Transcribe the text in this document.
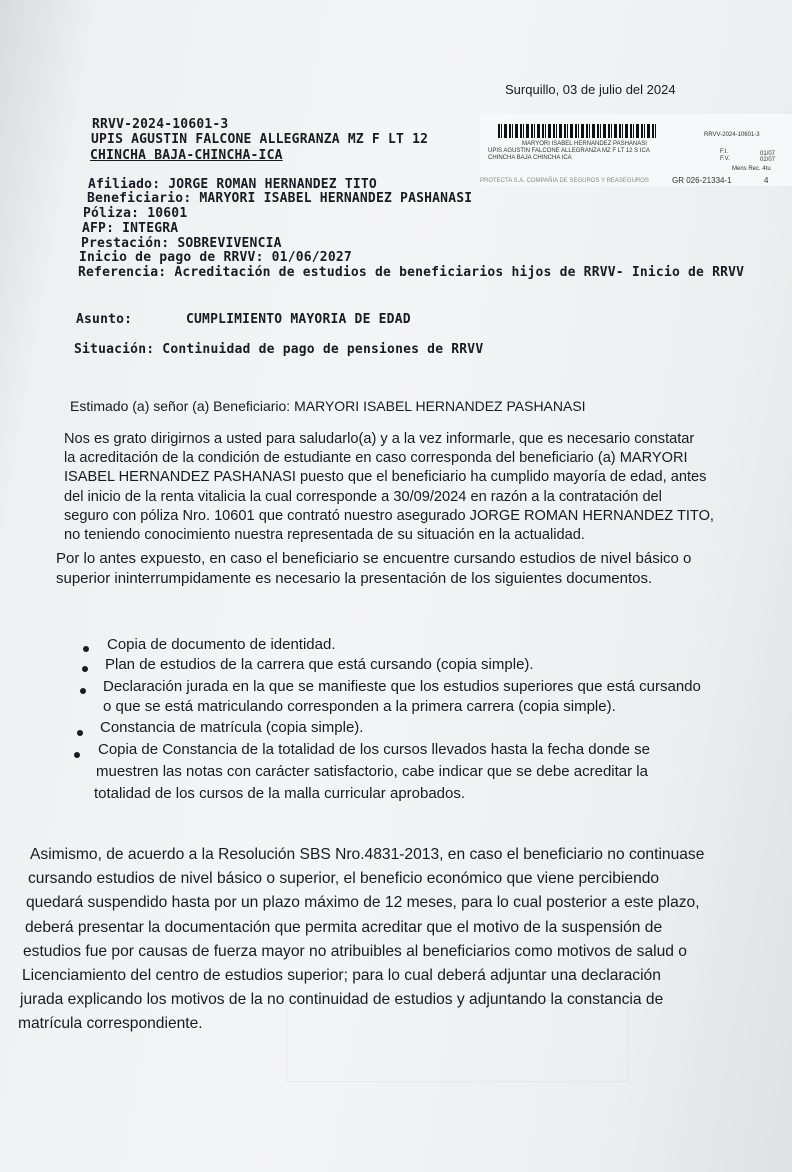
Surquillo, 03 de julio del 2024
RRVV-2024-10601-3
UPIS AGUSTIN FALCONE ALLEGRANZA MZ F LT 12
CHINCHA BAJA-CHINCHA-ICA
MARYORI ISABEL HERNANDEZ PASHANASI
UPIS AGUSTIN FALCONE ALLEGRANZA MZ F LT 12 S ICA
CHINCHA BAJA CHINCHA ICA
RRVV-2024-10601-3
F.I.	01/07
F.V.	02/07
Mens Rec. 4tu
PROTECTA S.A. COMPAÑIA DE SEGUROS Y REASEGUROS	GR 026-21334-1	4
Afiliado: JORGE ROMAN HERNANDEZ TITO
Beneficiario: MARYORI ISABEL HERNANDEZ PASHANASI
Póliza: 10601
AFP: INTEGRA
Prestación: SOBREVIVENCIA
Inicio de pago de RRVV: 01/06/2027
Referencia: Acreditación de estudios de beneficiarios hijos de RRVV- Inicio de RRVV
Asunto:	CUMPLIMIENTO MAYORIA DE EDAD
Situación: Continuidad de pago de pensiones de RRVV
Estimado (a) señor (a) Beneficiario: MARYORI ISABEL HERNANDEZ PASHANASI
Nos es grato dirigirnos a usted para saludarlo(a) y a la vez informarle, que es necesario constatar
la acreditación de la condición de estudiante en caso corresponda del beneficiario (a) MARYORI
ISABEL HERNANDEZ PASHANASI puesto que el beneficiario ha cumplido mayoría de edad, antes
del inicio de la renta vitalicia la cual corresponde a 30/09/2024 en razón a la contratación del
seguro con póliza Nro. 10601 que contrató nuestro asegurado JORGE ROMAN HERNANDEZ TITO,
no teniendo conocimiento nuestra representada de su situación en la actualidad.
Por lo antes expuesto, en caso el beneficiario se encuentre cursando estudios de nivel básico o
superior ininterrumpidamente es necesario la presentación de los siguientes documentos.
Copia de documento de identidad.
Plan de estudios de la carrera que está cursando (copia simple).
Declaración jurada en la que se manifieste que los estudios superiores que está cursando
o que se está matriculando corresponden a la primera carrera (copia simple).
Constancia de matrícula (copia simple).
Copia de Constancia de la totalidad de los cursos llevados hasta la fecha donde se
muestren las notas con carácter satisfactorio, cabe indicar que se debe acreditar la
totalidad de los cursos de la malla curricular aprobados.
Asimismo, de acuerdo a la Resolución SBS Nro.4831-2013, en caso el beneficiario no continuase
cursando estudios de nivel básico o superior, el beneficio económico que viene percibiendo
quedará suspendido hasta por un plazo máximo de 12 meses, para lo cual posterior a este plazo,
deberá presentar la documentación que permita acreditar que el motivo de la suspensión de
estudios fue por causas de fuerza mayor no atribuibles al beneficiarios como motivos de salud o
Licenciamiento del centro de estudios superior; para lo cual deberá adjuntar una declaración
jurada explicando los motivos de la no continuidad de estudios y adjuntando la constancia de
matrícula correspondiente.
